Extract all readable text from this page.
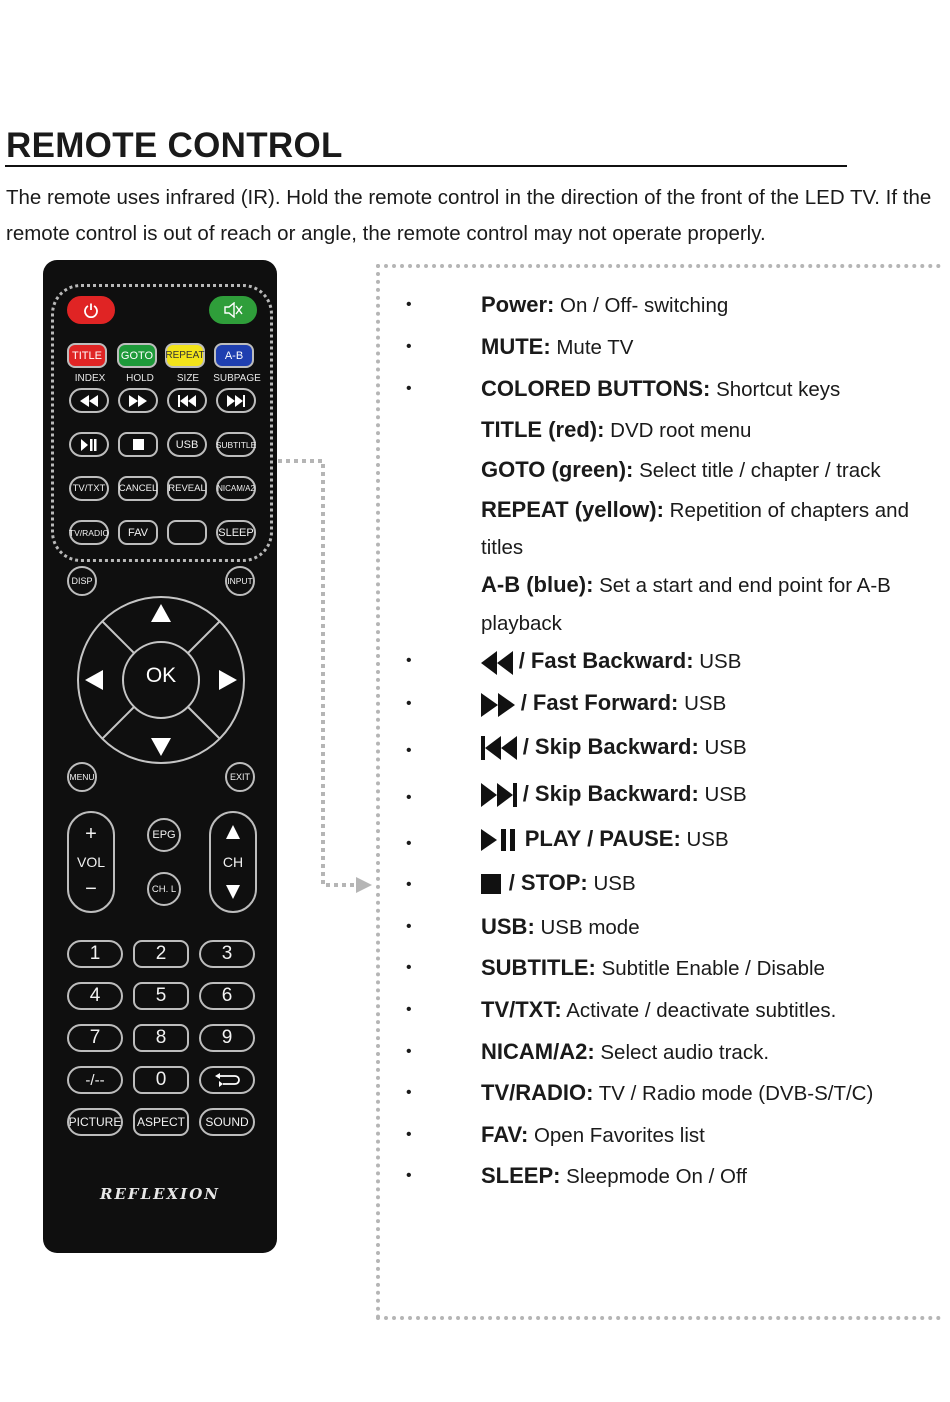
REMOTE CONTROL

The remote uses infrared (IR). Hold the remote control in the direction of the front of the LED TV. If the remote control is out of reach or angle, the remote control may not operate properly.

TITLE	GOTO	REPEAT	A-B
INDEX	HOLD	SIZE	SUBPAGE
USB	SUBTITLE
TV/TXT	CANCEL REVEAL NICAM/A2
TV/RADIO	FAV	SLEEP
DISP	INPUT
OK
MENU	EXIT
+
VOL
−
CH
EPG
CH. L
1	2	3
4	5	6
7	8	9
-/--	0
PICTURE	ASPECT	SOUND
REFLEXION
•	Power: On / Off- switching
•	MUTE: Mute TV
•	COLORED BUTTONS: Shortcut keys
TITLE (red): DVD root menu
GOTO (green): Select title / chapter / track
REPEAT (yellow): Repetition of chapters and
titles
A-B (blue): Set a start and end point for A-B
playback
•	/ Fast Backward: USB
•	/ Fast Forward: USB
•	/ Skip Backward: USB
•	/ Skip Backward: USB
•	PLAY / PAUSE: USB
•	/ STOP: USB
•	USB: USB mode
•	SUBTITLE: Subtitle Enable / Disable
•	TV/TXT: Activate / deactivate subtitles.
•	NICAM/A2: Select audio track.
•	TV/RADIO: TV / Radio mode (DVB-S/T/C)
•	FAV: Open Favorites list
•	SLEEP: Sleepmode On / Off
